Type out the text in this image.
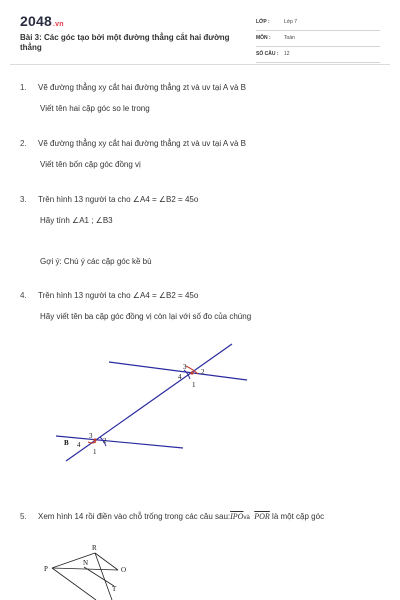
2048.vn
Bài 3: Các góc tạo bởi một đường thẳng cắt hai đường thẳng
LỚP :	Lớp 7
MÔN :	Toán
SỐ CÂU : 12
1. Vẽ đường thẳng xy cắt hai đường thẳng zt và uv tại A và B
Viết tên hai cặp góc so le trong
2. Vẽ đường thẳng xy cắt hai đường thẳng zt và uv tại A và B
Viết tên bốn cặp góc đồng vị
3. Trên hình 13 người ta cho ∠A4 = ∠B2 = 45o
Hãy tính ∠A1 ; ∠B3
Gợi ý: Chú ý các cặp góc kề bù
4. Trên hình 13 người ta cho ∠A4 = ∠B2 = 45o
Hãy viết tên ba cặp góc đồng vị còn lại với số đo của chúng
3
4
2
1
B 4
3
2
1
5. Xem hình 14 rồi điền vào chỗ trống trong các câu $sau:\overline{IPO}và$ $\overline{POR}$ là một cặp góc
R
P
N
O
T
